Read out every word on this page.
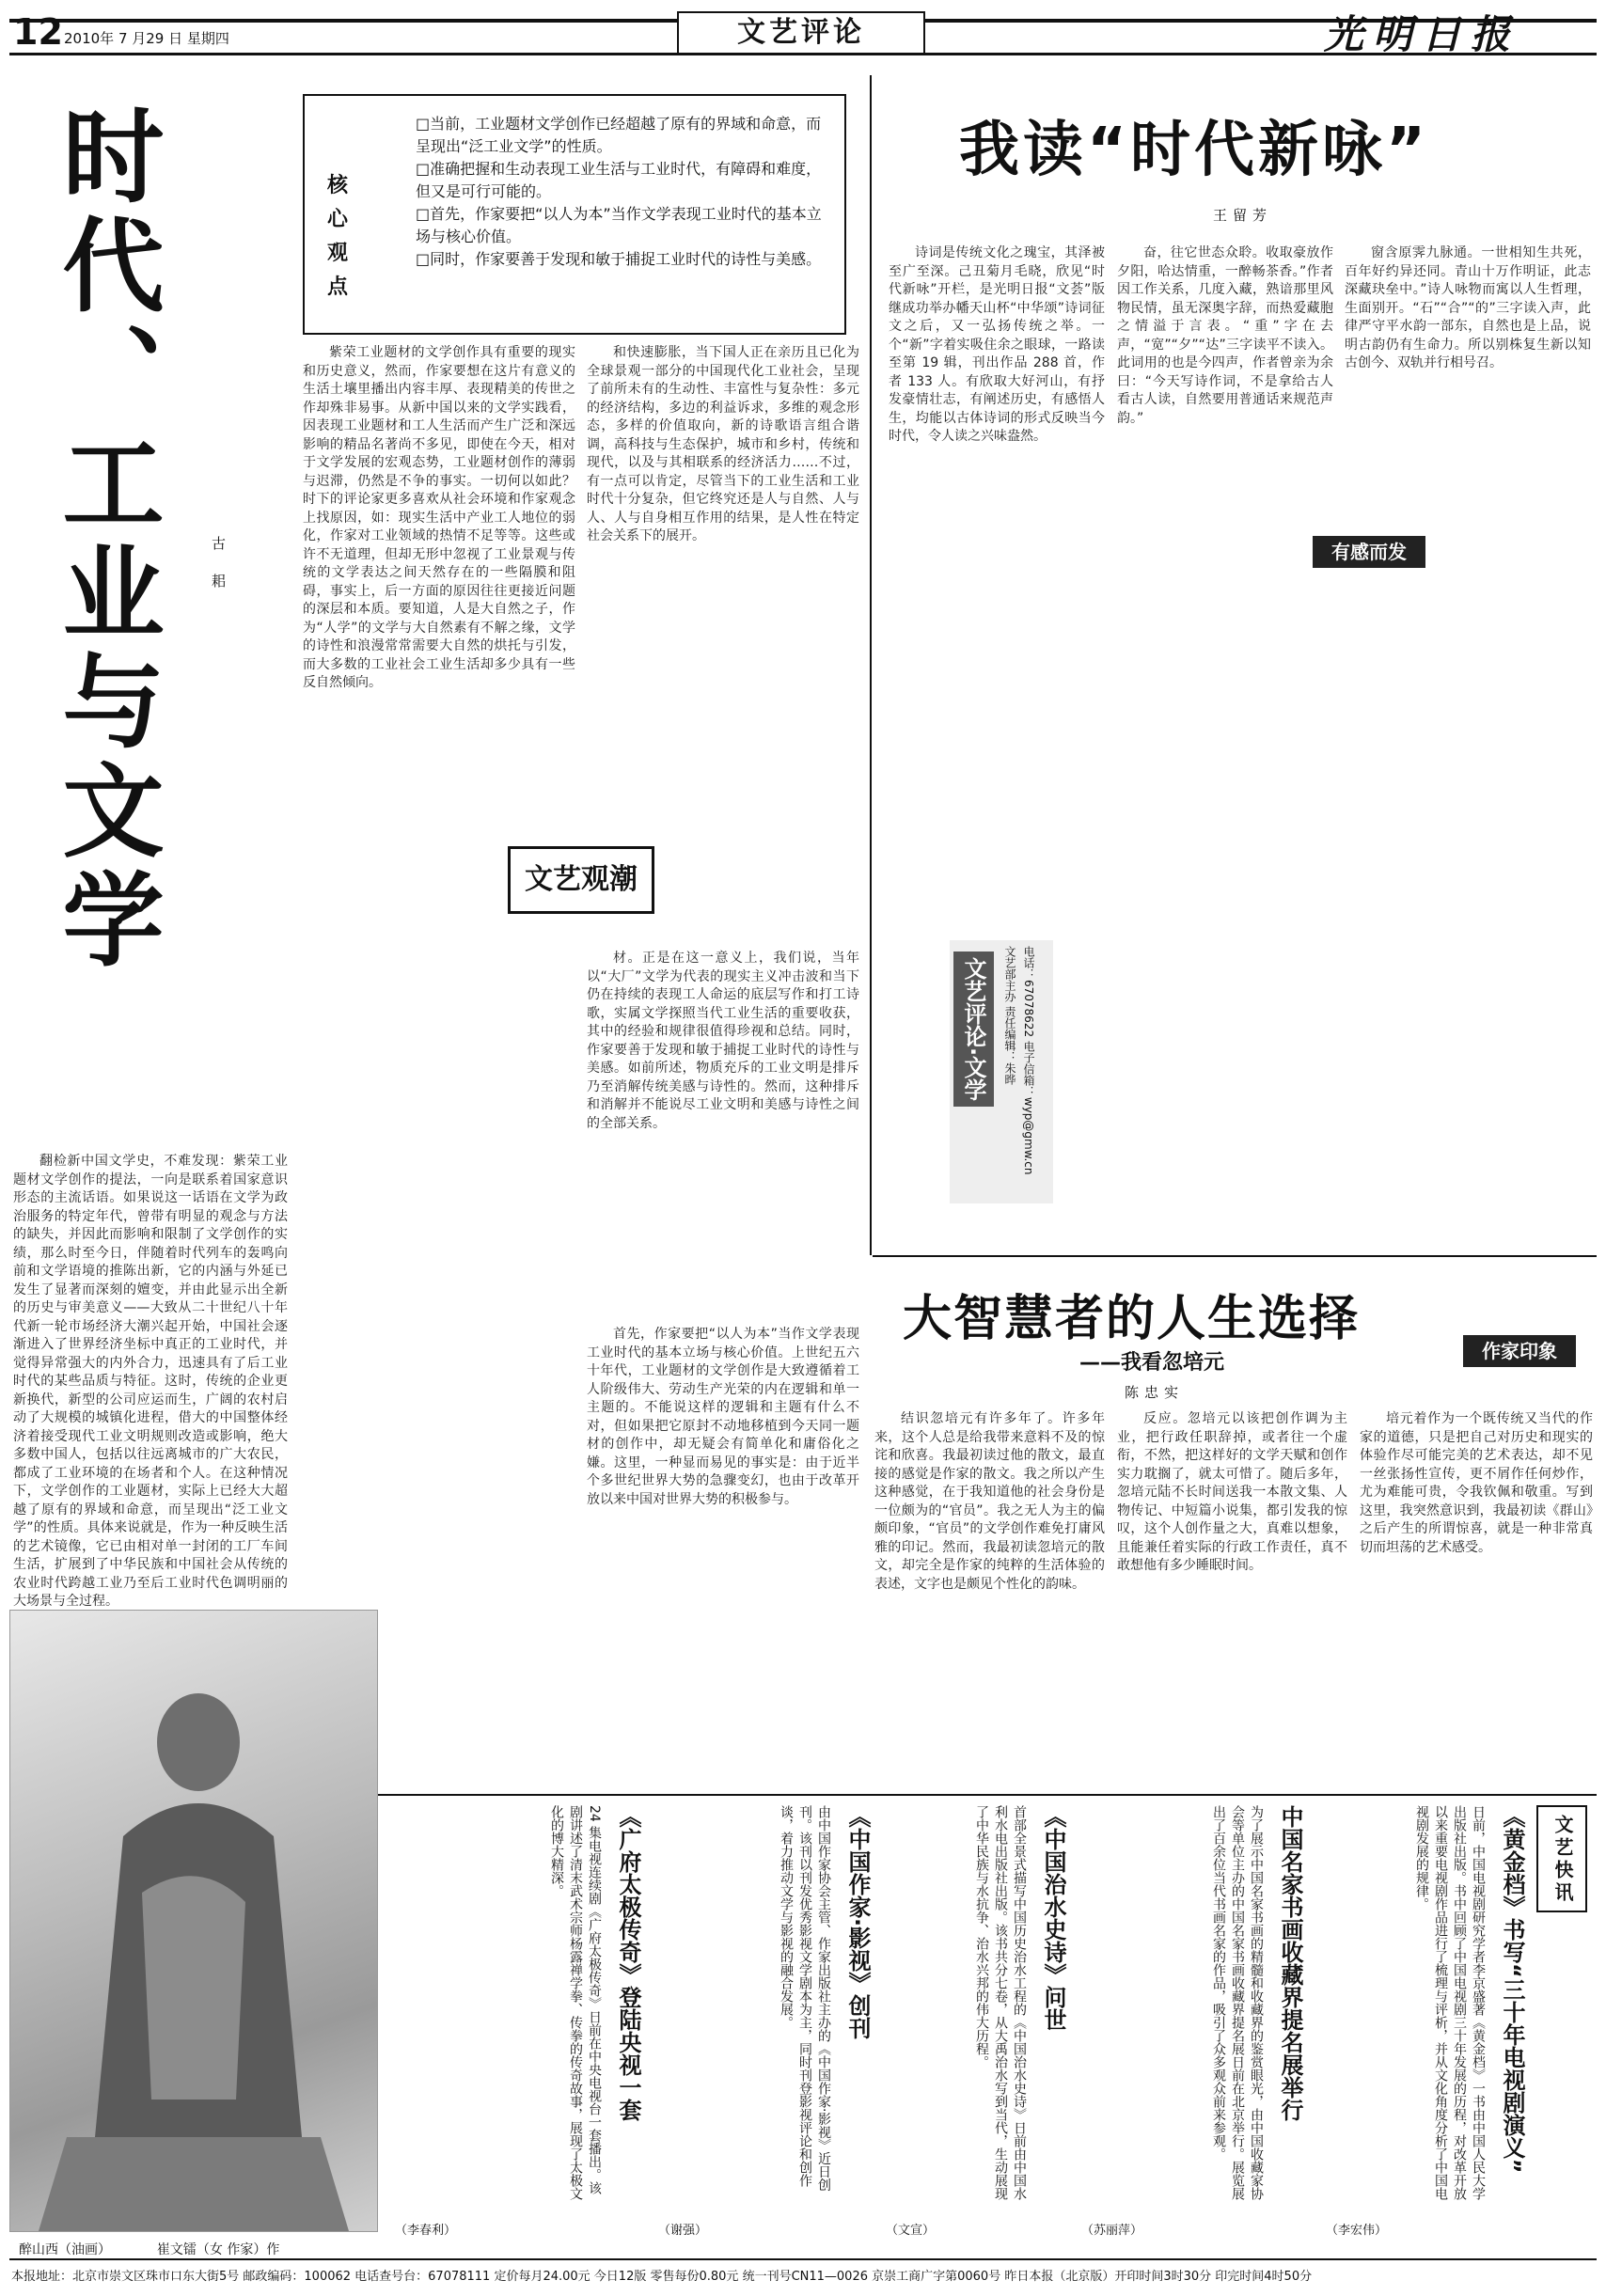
12 2010年 7 月29 日 星期四	文艺评论	光明日报
时代、工业与文学	古 耜
核心观点
□当前，工业题材文学创作已经超越了原有的界域和命意，而呈现出“泛工业文学”的性质。
□准确把握和生动表现工业生活与工业时代，有障碍和难度，但又是可行可能的。
□首先，作家要把“以人为本”当作文学表现工业时代的基本立场与核心价值。
□同时，作家要善于发现和敏于捕捉工业时代的诗性与美感。

翻检新中国文学史，不难发现：紫荣工业题材文学创作的提法，一向是联系着国家意识形态的主流话语。如果说这一话语在文学为政治服务的特定年代，曾带有明显的观念与方法的缺失，并因此而影响和限制了文学创作的实绩，那么时至今日，伴随着时代列车的轰鸣向前和文学语境的推陈出新，它的内涵与外延已发生了显著而深刻的嬗变，并由此显示出全新的历史与审美意义——大致从二十世纪八十年代新一轮市场经济大潮兴起开始，中国社会逐渐进入了世界经济坐标中真正的工业时代，并觉得异常强大的内外合力，迅速具有了后工业时代的某些品质与特征。这时，传统的企业更新换代，新型的公司应运而生，广阔的农村启动了大规模的城镇化进程，借大的中国整体经济着接受现代工业文明规则改造或影响，绝大多数中国人，包括以往远离城市的广大农民，都成了工业环境的在场者和个人。在这种情况下，文学创作的工业题材，实际上已经大大超越了原有的界域和命意，而呈现出“泛工业文学”的性质。具体来说就是，作为一种反映生活的艺术镜像，它已由相对单一封闭的工厂车间生活，扩展到了中华民族和中国社会从传统的农业时代跨越工业乃至后工业时代色调明丽的大场景与全过程。

紫荣工业题材的文学创作具有重要的现实和历史意义，然而，作家要想在这片有意义的生活土壤里播出内容丰厚、表现精美的传世之作却殊非易事。从新中国以来的文学实践看，因表现工业题材和工人生活而产生广泛和深远影响的精品名著尚不多见，即使在今天，相对于文学发展的宏观态势，工业题材创作的薄弱与迟滞，仍然是不争的事实。一切何以如此？时下的评论家更多喜欢从社会环境和作家观念上找原因，如：现实生活中产业工人地位的弱化，作家对工业领域的热情不足等等。这些或许不无道理，但却无形中忽视了工业景观与传统的文学表达之间天然存在的一些隔膜和阻碍，事实上，后一方面的原因往往更接近问题的深层和本质。要知道，人是大自然之子，作为“人学”的文学与大自然素有不解之缘，文学的诗性和浪漫常常需要大自然的烘托与引发，而大多数的工业社会工业生活却多少具有一些反自然倾向。

和快速膨胀，当下国人正在亲历且已化为全球景观一部分的中国现代化工业社会，呈现了前所未有的生动性、丰富性与复杂性：多元的经济结构，多边的利益诉求，多维的观念形态，多样的价值取向，新的诗歌语言组合谐调，高科技与生态保护，城市和乡村，传统和现代，以及与其相联系的经济活力……不过，有一点可以肯定，尽管当下的工业生活和工业时代十分复杂，但它终究还是人与自然、人与人、人与自身相互作用的结果，是人性在特定社会关系下的展开。

材。正是在这一意义上，我们说，当年以“大厂”文学为代表的现实主义冲击波和当下仍在持续的表现工人命运的底层写作和打工诗歌，实属文学探照当代工业生活的重要收获，其中的经验和规律很值得珍视和总结。同时，作家要善于发现和敏于捕捉工业时代的诗性与美感。如前所述，物质充斥的工业文明是排斥乃至消解传统美感与诗性的。然而，这种排斥和消解并不能说尽工业文明和美感与诗性之间的全部关系。

首先，作家要把“以人为本”当作文学表现工业时代的基本立场与核心价值。上世纪五六十年代，工业题材的文学创作是大致遵循着工人阶级伟大、劳动生产光荣的内在逻辑和单一主题的。不能说这样的逻辑和主题有什么不对，但如果把它原封不动地移植到今天同一题材的创作中，却无疑会有简单化和庸俗化之嫌。这里，一种显而易见的事实是：由于近半个多世纪世界大势的急骤变幻，也由于改革开放以来中国对世界大势的积极参与。

文艺观潮
电话：67078622 电子信箱：wyp@gmw.cn
文艺部主办 责任编辑：朱晔
文艺评论·文学
醉山西（油画）	崔文镭（女 作家）作
我读“时代新咏”
王留芳

诗词是传统文化之瑰宝，其泽被至广至深。己丑菊月毛晓，欣见“时代新咏”开栏，是光明日报“文荟”版继成功举办幡天山杯“中华颂”诗词征文之后，又一弘扬传统之举。一个“新”字着实吸住余之眼球，一路读至第 19 辑，刊出作品 288 首，作者 133 人。有欣取大好河山，有抒发豪情壮志，有阐述历史，有感悟人生，均能以古体诗词的形式反映当今时代，令人读之兴味盎然。

奋，往它世态众聆。收取豪放作夕阳，哈达情重，一醉畅茶香。”作者因工作关系，几度入藏，熟谙那里风物民情，虽无深奥字辞，而热爱藏胞之情溢于言表。“重”字在去声，“宽”“夕”“达”三字读平不读入。此词用的也是今四声，作者曾亲为余曰：“今天写诗作词，不是拿给古人看古人读，自然要用普通话来规范声韵。”

窗含原霁九脉通。一世相知生共死，百年好约异还同。青山十万作明证，此志深藏玦垒中。”诗人咏物而寓以人生哲理，生面别开。“石”“合”“的”三字读入声，此律严守平水韵一部东，自然也是上品，说明古韵仍有生命力。所以别株复生新以知古创今、双轨并行相号召。

有感而发
大智慧者的人生选择
——我看忽培元
陈忠实
作家印象

结识忽培元有许多年了。许多年来，这个人总是给我带来意料不及的惊诧和欣喜。我最初读过他的散文，最直接的感觉是作家的散文。我之所以产生这种感觉，在于我知道他的社会身份是一位颇为的“官员”。我之无人为主的偏颇印象，“官员”的文学创作难免打庸风雅的印记。然而，我最初读忽培元的散文，却完全是作家的纯粹的生活体验的表述，文字也是颇见个性化的韵味。

反应。忽培元以该把创作调为主业，把行政任职辞掉，或者往一个虚衔，不然，把这样好的文学天赋和创作实力耽搁了，就太可惜了。随后多年，忽培元陆不长时间送我一本散文集、人物传记、中短篇小说集，都引发我的惊叹，这个人创作量之大，真难以想象，且能兼任着实际的行政工作责任，真不敢想他有多少睡眠时间。

培元着作为一个既传统又当代的作家的道德，只是把自己对历史和现实的体验作尽可能完美的艺术表达，却不见一丝张扬性宣传，更不屑作任何炒作，尤为难能可贵，令我钦佩和敬重。写到这里，我突然意识到，我最初读《群山》之后产生的所谓惊喜，就是一种非常真切而坦荡的艺术感受。

文艺快讯
《黄金档》书写“三十年电视剧演义”
日前，中国电视剧研究学者李京盛著《黄金档》一书由中国人民大学出版社出版。书中回顾了中国电视剧三十年发展的历程，对改革开放以来重要电视剧作品进行了梳理与评析，并从文化角度分析了中国电视剧发展的规律。
（李宏伟）
中国名家书画收藏界提名展举行
为了展示中国名家书画的精髓和收藏界的鉴赏眼光，由中国收藏家协会等单位主办的中国名家书画收藏界提名展日前在北京举行。展览展出了百余位当代书画名家的作品，吸引了众多观众前来参观。
（苏丽萍）
《中国治水史诗》问世
首部全景式描写中国历史治水工程的《中国治水史诗》日前由中国水利水电出版社出版。该书共分七卷，从大禹治水写到当代，生动展现了中华民族与水抗争、治水兴邦的伟大历程。
（文宣）
《中国作家·影视》创刊
由中国作家协会主管、作家出版社主办的《中国作家·影视》近日创刊。该刊以刊发优秀影视文学剧本为主，同时刊登影视评论和创作谈，着力推动文学与影视的融合发展。
（谢强）
《广府太极传奇》登陆央视一套
24 集电视连续剧《广府太极传奇》日前在中央电视台一套播出。该剧讲述了清末武术宗师杨露禅学拳、传拳的传奇故事，展现了太极文化的博大精深。
（李春利）
本报地址：北京市崇文区珠市口东大街5号 邮政编码：100062 电话查号台：67078111 定价每月24.00元 今日12版 零售每份0.80元 统一刊号CN11—0026 京崇工商广字第0060号 昨日本报（北京版）开印时间3时30分 印完时间4时50分
